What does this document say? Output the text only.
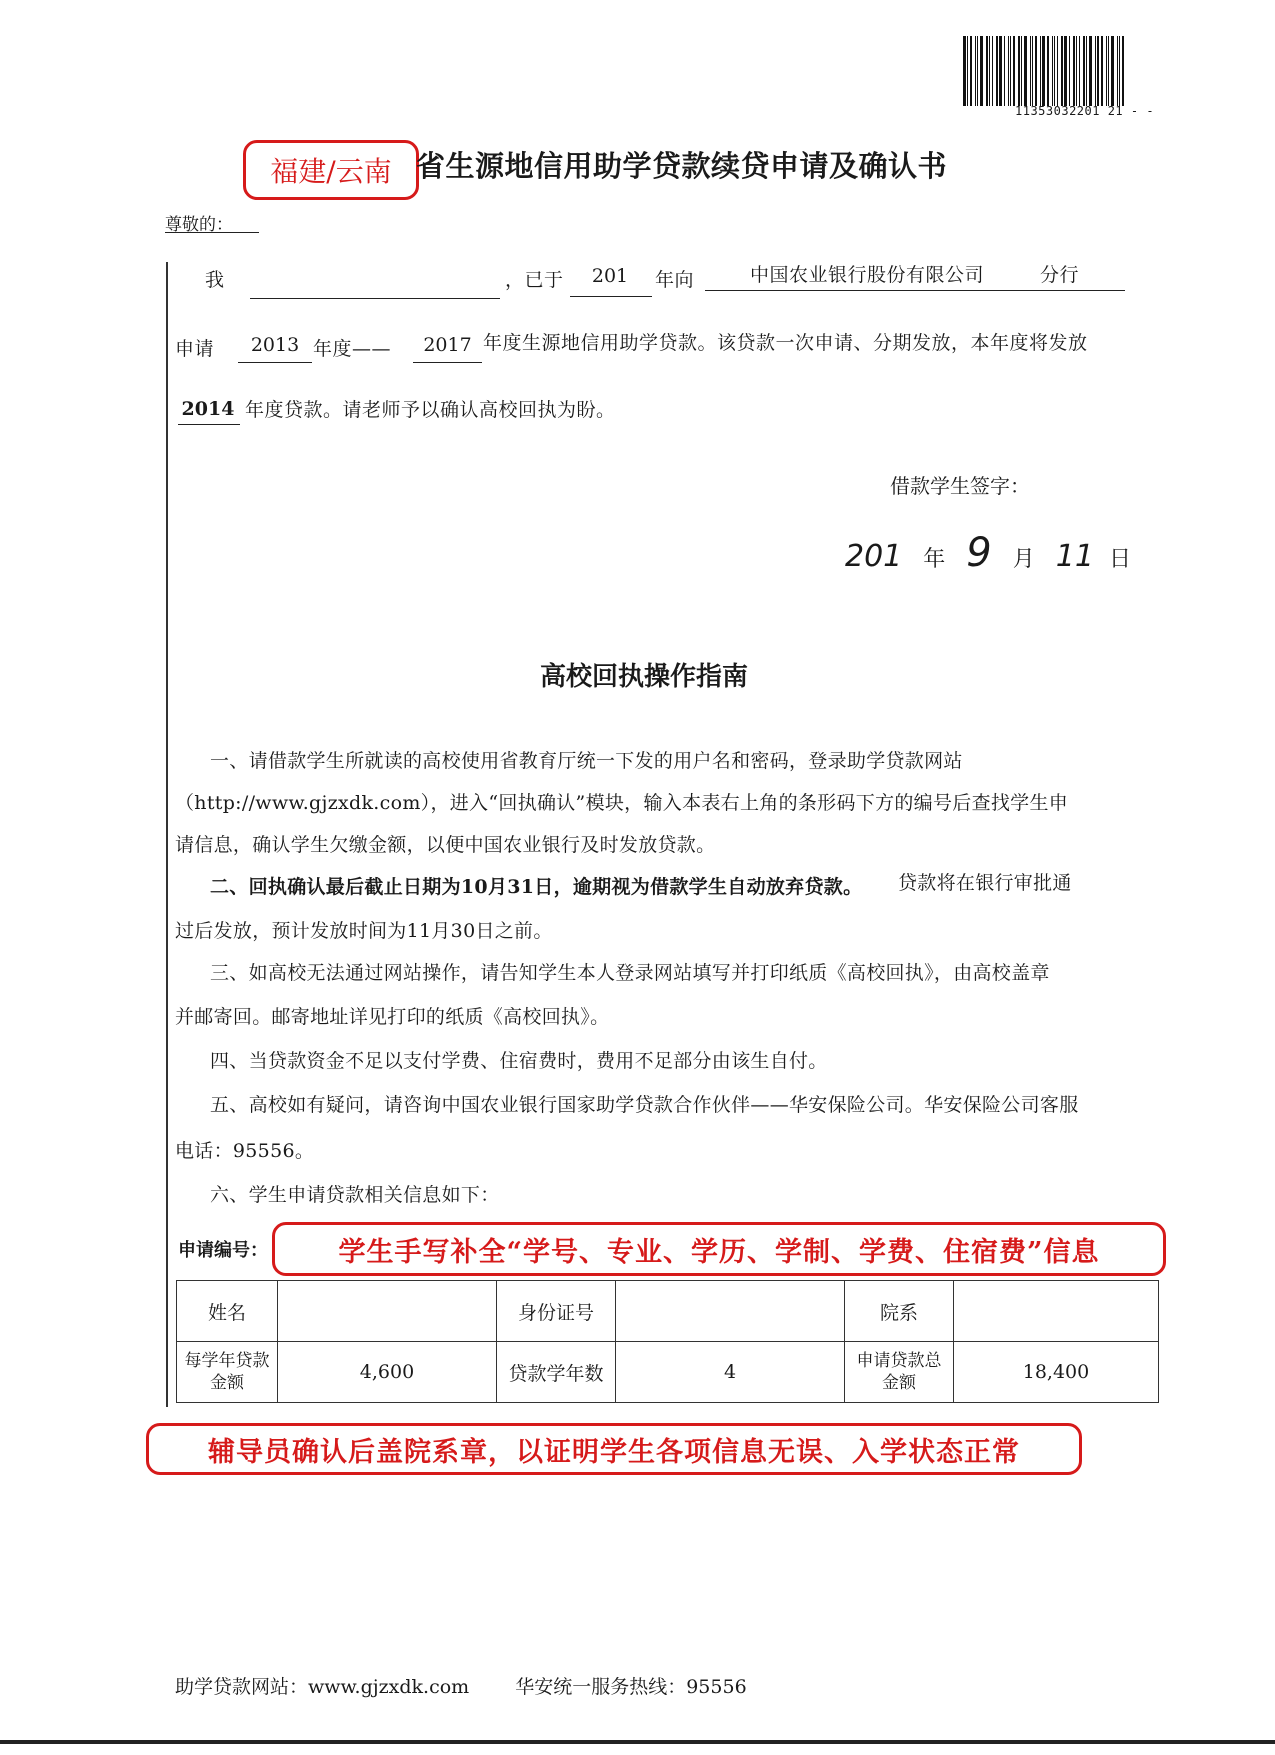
11353032201 21 - -
福建/云南 省生源地信用助学贷款续贷申请及确认书
尊敬的：
我	，已于	201	年向	中国农业银行股份有限公司	分行
申请	2013 年度——	2017 年度生源地信用助学贷款。该贷款一次申请、分期发放，本年度将发放
2014 年度贷款。请老师予以确认高校回执为盼。
借款学生签字：
201 年 9 月 11 日
高校回执操作指南
一、请借款学生所就读的高校使用省教育厅统一下发的用户名和密码，登录助学贷款网站
（http://www.gjzxdk.com），进入“回执确认”模块，输入本表右上角的条形码下方的编号后查找学生申
请信息，确认学生欠缴金额，以便中国农业银行及时发放贷款。
二、回执确认最后截止日期为10月31日，逾期视为借款学生自动放弃贷款。 贷款将在银行审批通
过后发放，预计发放时间为11月30日之前。
三、如高校无法通过网站操作，请告知学生本人登录网站填写并打印纸质《高校回执》，由高校盖章
并邮寄回。邮寄地址详见打印的纸质《高校回执》。
四、当贷款资金不足以支付学费、住宿费时，费用不足部分由该生自付。
五、高校如有疑问，请咨询中国农业银行国家助学贷款合作伙伴——华安保险公司。华安保险公司客服
电话：95556。
六、学生申请贷款相关信息如下：
申请编号：	学生手写补全“学号、专业、学历、学制、学费、住宿费”信息
姓名		身份证号		院系	
每学年贷款金额	4,600	贷款学年数	4	申请贷款总金额	18,400
辅导员确认后盖院系章，以证明学生各项信息无误、入学状态正常
助学贷款网站：www.gjzxdk.com 华安统一服务热线：95556
